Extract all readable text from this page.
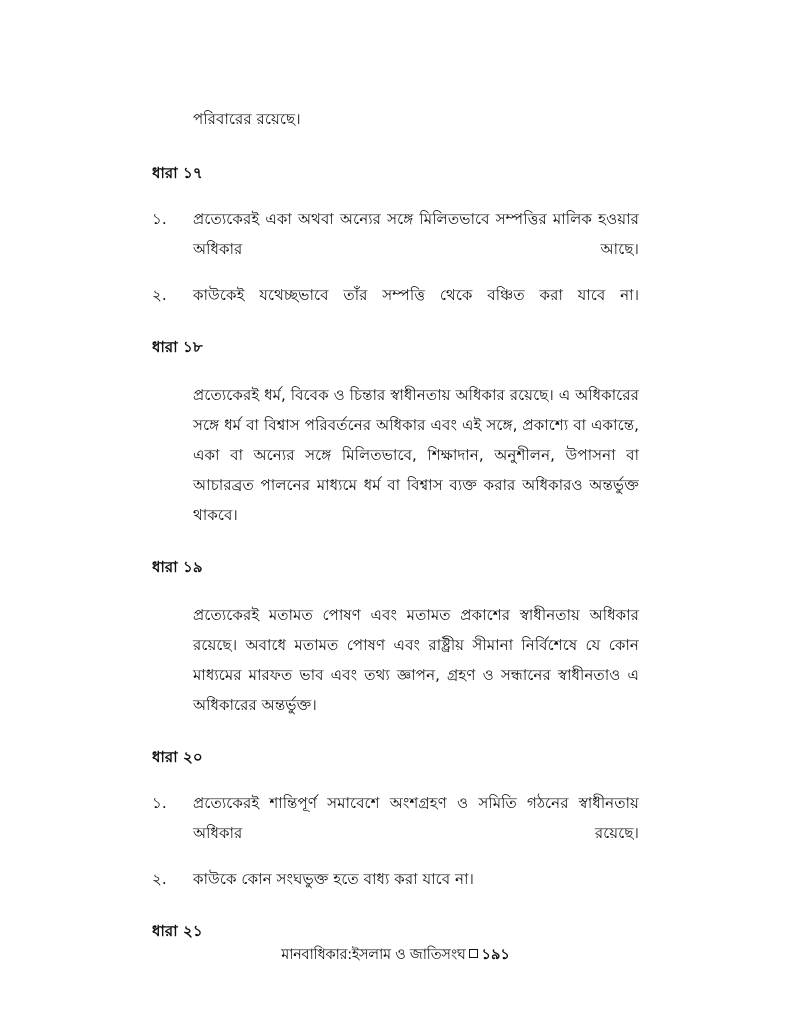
পরিবারের রয়েছে।

ধারা ১৭
১.	প্রত্যেকেরই একা অথবা অন্যের সঙ্গে মিলিতভাবে সম্পত্তির মালিক হওয়ার অধিকার আছে।
২.	কাউকেই যথেচ্ছভাবে তাঁর সম্পত্তি থেকে বঞ্চিত করা যাবে না।
ধারা ১৮

প্রত্যেকেরই ধর্ম, বিবেক ও চিন্তার স্বাধীনতায় অধিকার রয়েছে। এ অধিকারের সঙ্গে ধর্ম বা বিশ্বাস পরিবর্তনের অধিকার এবং এই সঙ্গে, প্রকাশ্যে বা একান্তে, একা বা অন্যের সঙ্গে মিলিতভাবে, শিক্ষাদান, অনুশীলন, উপাসনা বা আচারব্রত পালনের মাধ্যমে ধর্ম বা বিশ্বাস ব্যক্ত করার অধিকারও অন্তর্ভুক্ত থাকবে।

ধারা ১৯

প্রত্যেকেরই মতামত পোষণ এবং মতামত প্রকাশের স্বাধীনতায় অধিকার রয়েছে। অবাধে মতামত পোষণ এবং রাষ্ট্রীয় সীমানা নির্বিশেষে যে কোন মাধ্যমের মারফত ভাব এবং তথ্য জ্ঞাপন, গ্রহণ ও সন্ধানের স্বাধীনতাও এ অধিকারের অন্তর্ভুক্ত।

ধারা ২০
১.	প্রত্যেকেরই শান্তিপূর্ণ সমাবেশে অংশগ্রহণ ও সমিতি গঠনের স্বাধীনতায় অধিকার রয়েছে।
২.	কাউকে কোন সংঘভুক্ত হতে বাধ্য করা যাবে না।
ধারা ২১
মানবাধিকার:ইসলাম ও জাতিসংঘ ১৯১
